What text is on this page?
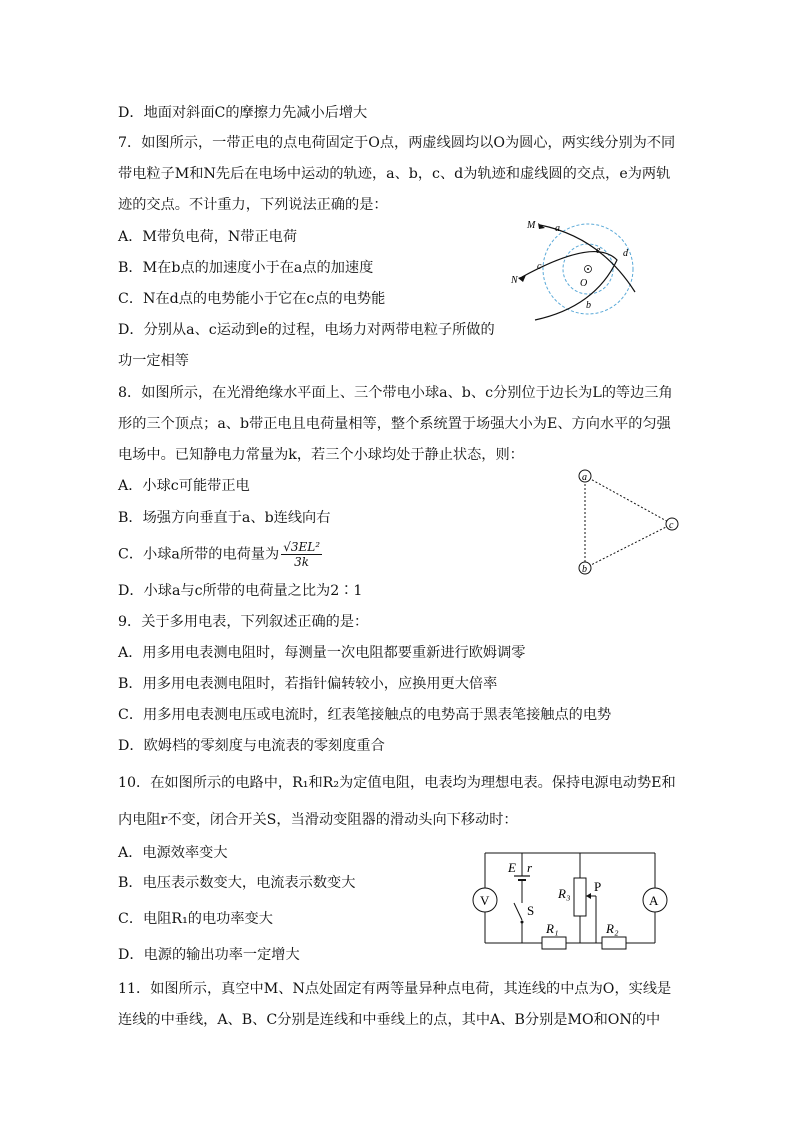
D．地面对斜面C的摩擦力先减小后增大
7．如图所示，一带正电的点电荷固定于O点，两虚线圆均以O为圆心，两实线分别为不同
带电粒子M和N先后在电场中运动的轨迹，a、b，c、d为轨迹和虚线圆的交点，e为两轨
迹的交点。不计重力，下列说法正确的是：
A．M带负电荷，N带正电荷
B．M在b点的加速度小于在a点的加速度
C．N在d点的电势能小于它在c点的电势能
D．分别从a、c运动到e的过程，电场力对两带电粒子所做的
功一定相等
M a
e d
c
N	O
b
8．如图所示，在光滑绝缘水平面上、三个带电小球a、b、c分别位于边长为L的等边三角
形的三个顶点；a、b带正电且电荷量相等，整个系统置于场强大小为E、方向水平的匀强
电场中。已知静电力常量为k，若三个小球均处于静止状态，则：
A．小球c可能带正电
B．场强方向垂直于a、b连线向右
C．小球a所带的电荷量为 $\frac{\text{√3EL²}}{3k}$
D．小球a与c所带的电荷量之比为2∶1
a
c
b
9．关于多用电表，下列叙述正确的是：
A．用多用电表测电阻时，每测量一次电阻都要重新进行欧姆调零
B．用多用电表测电阻时，若指针偏转较小，应换用更大倍率
C．用多用电表测电压或电流时，红表笔接触点的电势高于黑表笔接触点的电势
D．欧姆档的零刻度与电流表的零刻度重合
10．在如图所示的电路中，R₁和R₂为定值电阻，电表均为理想电表。保持电源电动势E和
内电阻r不变，闭合开关S，当滑动变阻器的滑动头向下移动时：
A．电源效率变大
B．电压表示数变大，电流表示数变大
C．电阻R₁的电功率变大
D．电源的输出功率一定增大
V	A
E r
S
R₃ P
R₁	R₂
11．如图所示，真空中M、N点处固定有两等量异种点电荷，其连线的中点为O，实线是
连线的中垂线，A、B、C分别是连线和中垂线上的点，其中A、B分别是MO和ON的中
